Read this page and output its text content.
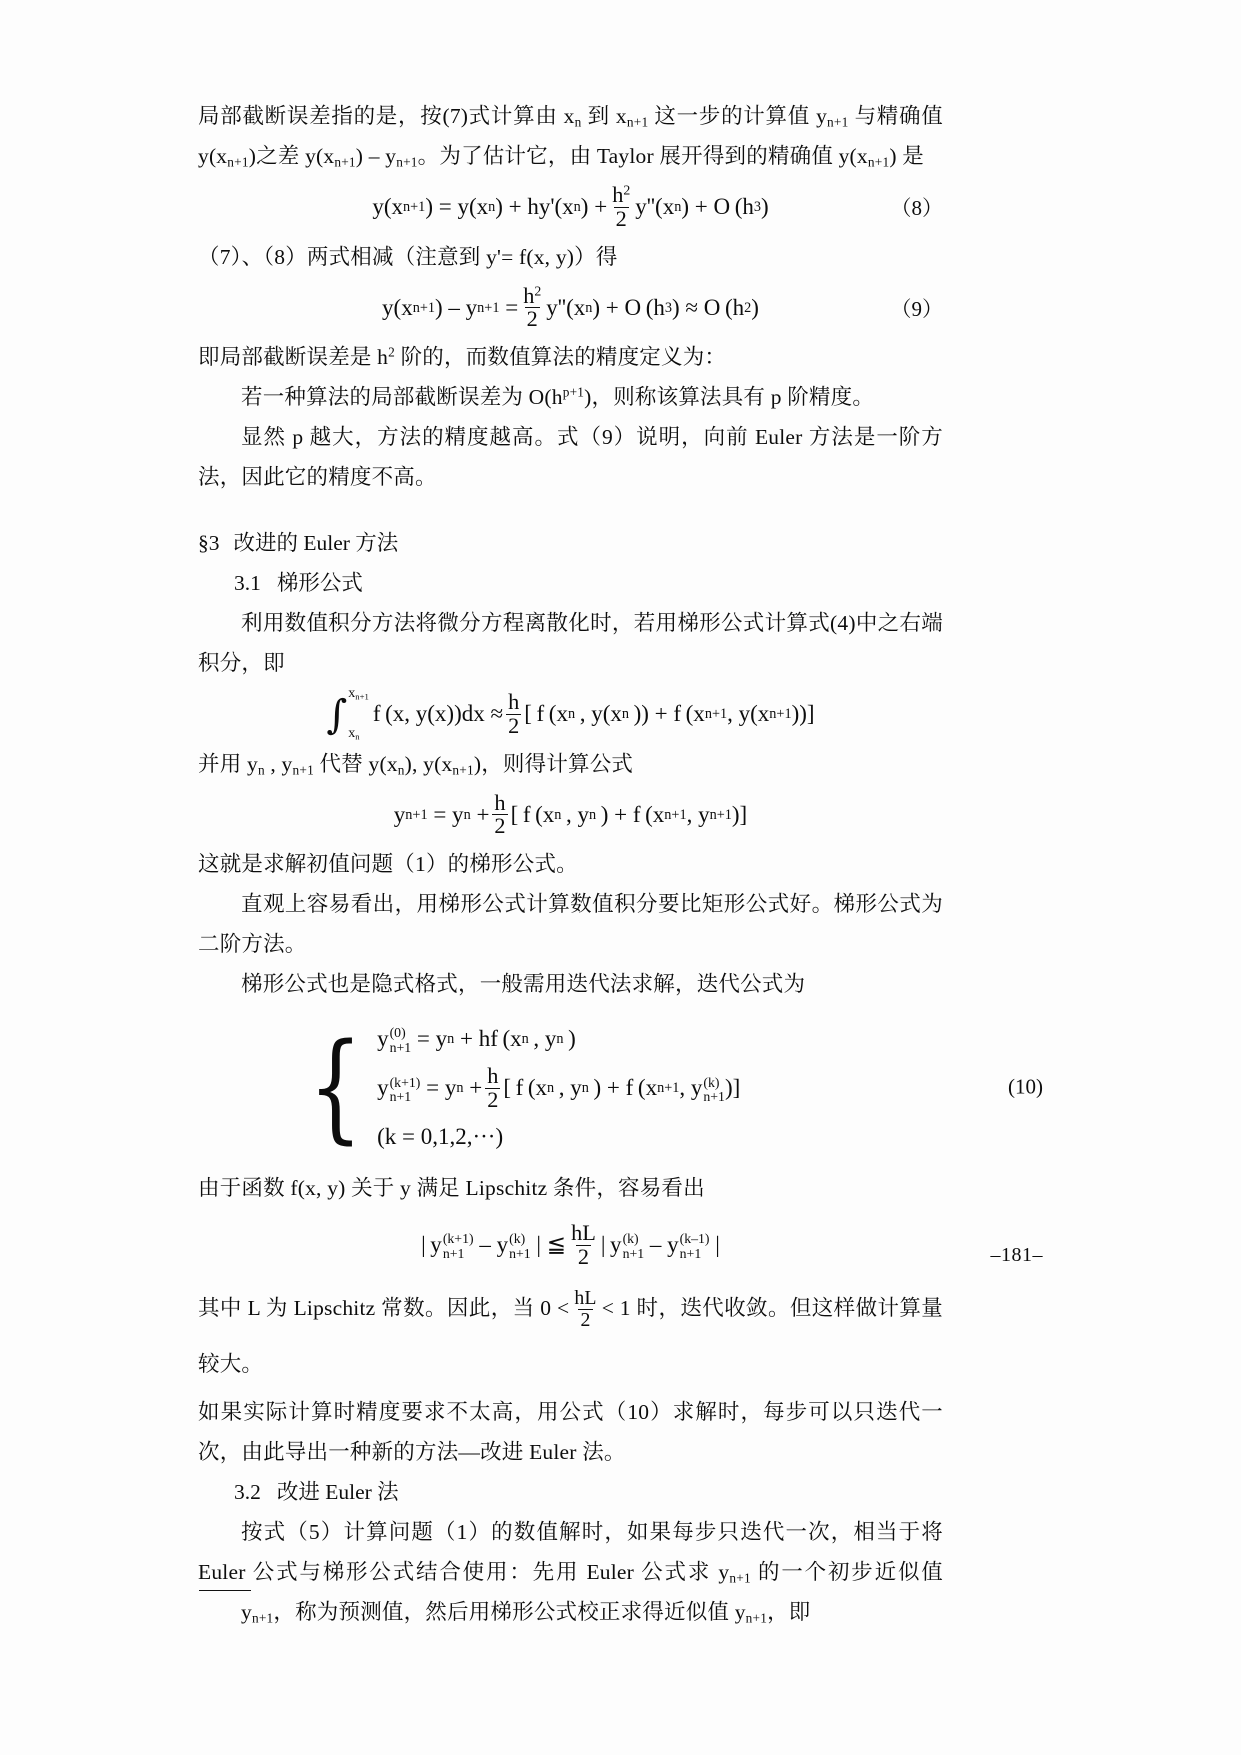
局部截断误差指的是，按(7)式计算由 $x_n$ 到 $x_{n+1}$ 这一步的计算值 $y_{n+1}$ 与精确值 $y(x_{n+1})$之差 $y(x_{n+1}) - y_{n+1}$。为了估计它，由 Taylor 展开得到的精确值 $y(x_{n+1})$ 是

y(x n+1 ) = y(x n ) + hy'(x n ) + $\frac{h^2}{2} y''(x$ n ) + O (h 3 )	（8）

（7）、（8）两式相减（注意到 y'= f(x, y)）得

y(x n+1 ) – y $n+1 = \frac{h^2}{2} y''(x$ n ) + O (h 3 ) ≈ O (h 2 )	（9）

即局部截断误差是 $h^2$ 阶的，而数值算法的精度定义为：

若一种算法的局部截断误差为 $O(h^{p+1})$，则称该算法具有 p 阶精度。

显然 p 越大，方法的精度越高。式（9）说明，向前 Euler 方法是一阶方法，因此它的精度不高。

§3 改进的 Euler 方法

3.1 梯形公式

利用数值积分方法将微分方程离散化时，若用梯形公式计算式(4)中之右端积分，即

∫ $x_{n+1}$
$x_n$
f (x, $y(x))dx \approx \frac{h}{2}$ [ f (x n  , y(x n  )) + f (x n+1 , y(x n+1 ))]

并用 $y_n$ , $y_{n+1}$ 代替 $y(x_n)$, $y(x_{n+1})$，则得计算公式

y n+1 = y $n + \frac{h}{2}$ [ f (x n  , y n  ) + f (x n+1 , y n+1 )]

这就是求解初值问题（1）的梯形公式。

直观上容易看出，用梯形公式计算数值积分要比矩形公式好。梯形公式为二阶方法。

梯形公式也是隐式格式，一般需用迭代法求解，迭代公式为

{ y (0)
n+1 = y n + hf (x n  , y n  )
y (k+1)
n+1 = y $n + \frac{h}{2}$ [ f (x n  , y n  ) + f (x n+1 , y (k)
n+1 )]
(k = 0,1,2, ··· )
(10)

由于函数 f(x, y) 关于 y 满足 Lipschitz 条件，容易看出

| y (k+1)
n+1 – y (k)
n+1 |  ≦ $\frac{hL}{2}$ | y (k)
n+1 – y (k–1)
n+1 |

其中 L 为 Lipschitz 常数。因此，当 $0 < \frac{hL}{2} < 1$ 时，迭代收敛。但这样做计算量较大。

如果实际计算时精度要求不太高，用公式（10）求解时，每步可以只迭代一次，由此导出一种新的方法—改进 Euler 法。

3.2 改进 Euler 法

按式（5）计算问题（1）的数值解时，如果每步只迭代一次，相当于将 Euler 公式与梯形公式结合使用：先用 Euler 公式求 $y_{n+1}$ 的一个初步近似值
$y_{n+1}$，称为预测值，然后用梯形公式校正求得近似值 $y_{n+1}$，即

–181–
